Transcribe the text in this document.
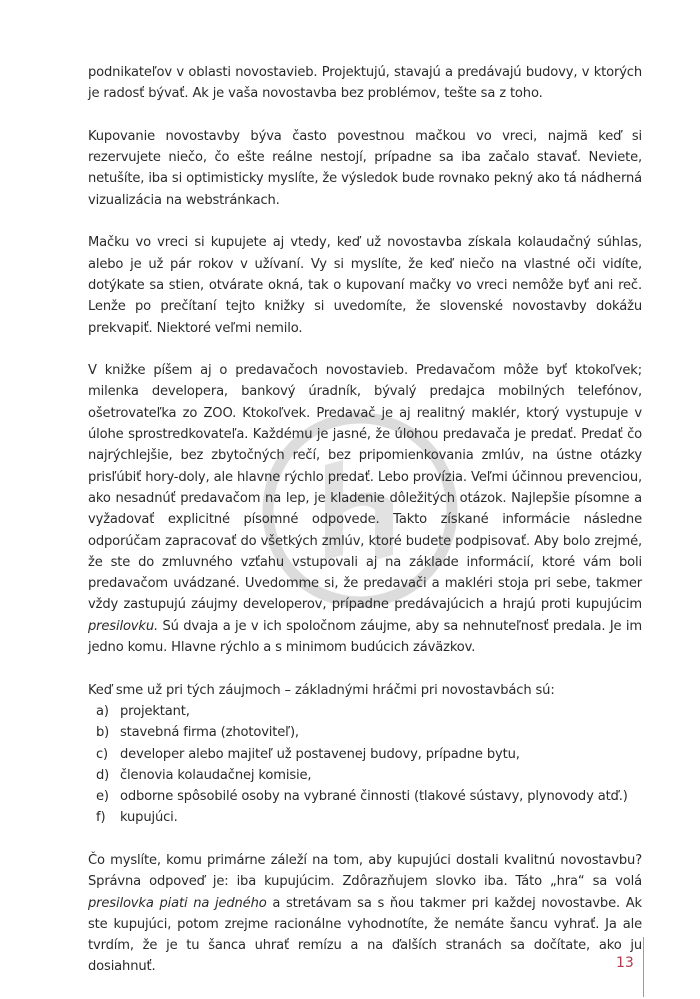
podnikateľov v oblasti novostavieb. Projektujú, stavajú a predávajú budovy, v ktorých je radosť bývať. Ak je vaša novostavba bez problémov, tešte sa z toho.

Kupovanie novostavby býva často povestnou mačkou vo vreci, najmä keď si rezervujete niečo, čo ešte reálne nestojí, prípadne sa iba začalo stavať. Neviete, netušíte, iba si optimisticky myslíte, že výsledok bude rovnako pekný ako tá nádherná vizualizácia na webstránkach.

Mačku vo vreci si kupujete aj vtedy, keď už novostavba získala kolaudačný súhlas, alebo je už pár rokov v užívaní. Vy si myslíte, že keď niečo na vlastné oči vidíte, dotýkate sa stien, otvárate okná, tak o kupovaní mačky vo vreci nemôže byť ani reč. Lenže po prečítaní tejto knižky si uvedomíte, že slovenské novostavby dokážu prekvapiť. Niektoré veľmi nemilo.

V knižke píšem aj o predavačoch novostavieb. Predavačom môže byť ktokoľvek; milenka developera, bankový úradník, bývalý predajca mobilných telefónov, ošetrovateľka zo ZOO. Ktokoľvek. Predavač je aj realitný maklér, ktorý vystupuje v úlohe sprostredkovateľa. Každému je jasné, že úlohou predavača je predať. Predať čo najrýchlejšie, bez zbytočných rečí, bez pripomienkovania zmlúv, na ústne otázky prisľúbiť hory-doly, ale hlavne rýchlo predať. Lebo provízia. Veľmi účinnou prevenciou, ako nesadnúť predavačom na lep, je kladenie dôležitých otázok. Najlepšie písomne a vyžadovať explicitné písomné odpovede. Takto získané informácie následne odporúčam zapracovať do všetkých zmlúv, ktoré budete podpisovať. Aby bolo zrejmé, že ste do zmluvného vzťahu vstupovali aj na základe informácií, ktoré vám boli predavačom uvádzané. Uvedomme si, že predavači a makléri stoja pri sebe, takmer vždy zastupujú záujmy developerov, prípadne predávajúcich a hrajú proti kupujúcim presilovku. Sú dvaja a je v ich spoločnom záujme, aby sa nehnuteľnosť predala. Je im jedno komu. Hlavne rýchlo a s minimom budúcich záväzkov.

Keď sme už pri tých záujmoch – základnými hráčmi pri novostavbách sú:

a) projektant,
b) stavebná firma (zhotoviteľ),
c) developer alebo majiteľ už postavenej budovy, prípadne bytu,
d) členovia kolaudačnej komisie,
e) odborne spôsobilé osoby na vybrané činnosti (tlakové sústavy, plynovody atď.)
f)	kupujúci.

Čo myslíte, komu primárne záleží na tom, aby kupujúci dostali kvalitnú novostavbu? Správna odpoveď je: iba kupujúcim. Zdôrazňujem slovko iba. Táto „hra“ sa volá presilovka piati na jedného a stretávam sa s ňou takmer pri každej novostavbe. Ak ste kupujúci, potom zrejme racionálne vyhodnotíte, že nemáte šancu vyhrať. Ja ale tvrdím, že je tu šanca uhrať remízu a na ďalších stranách sa dočítate, ako ju dosiahnuť.	13
